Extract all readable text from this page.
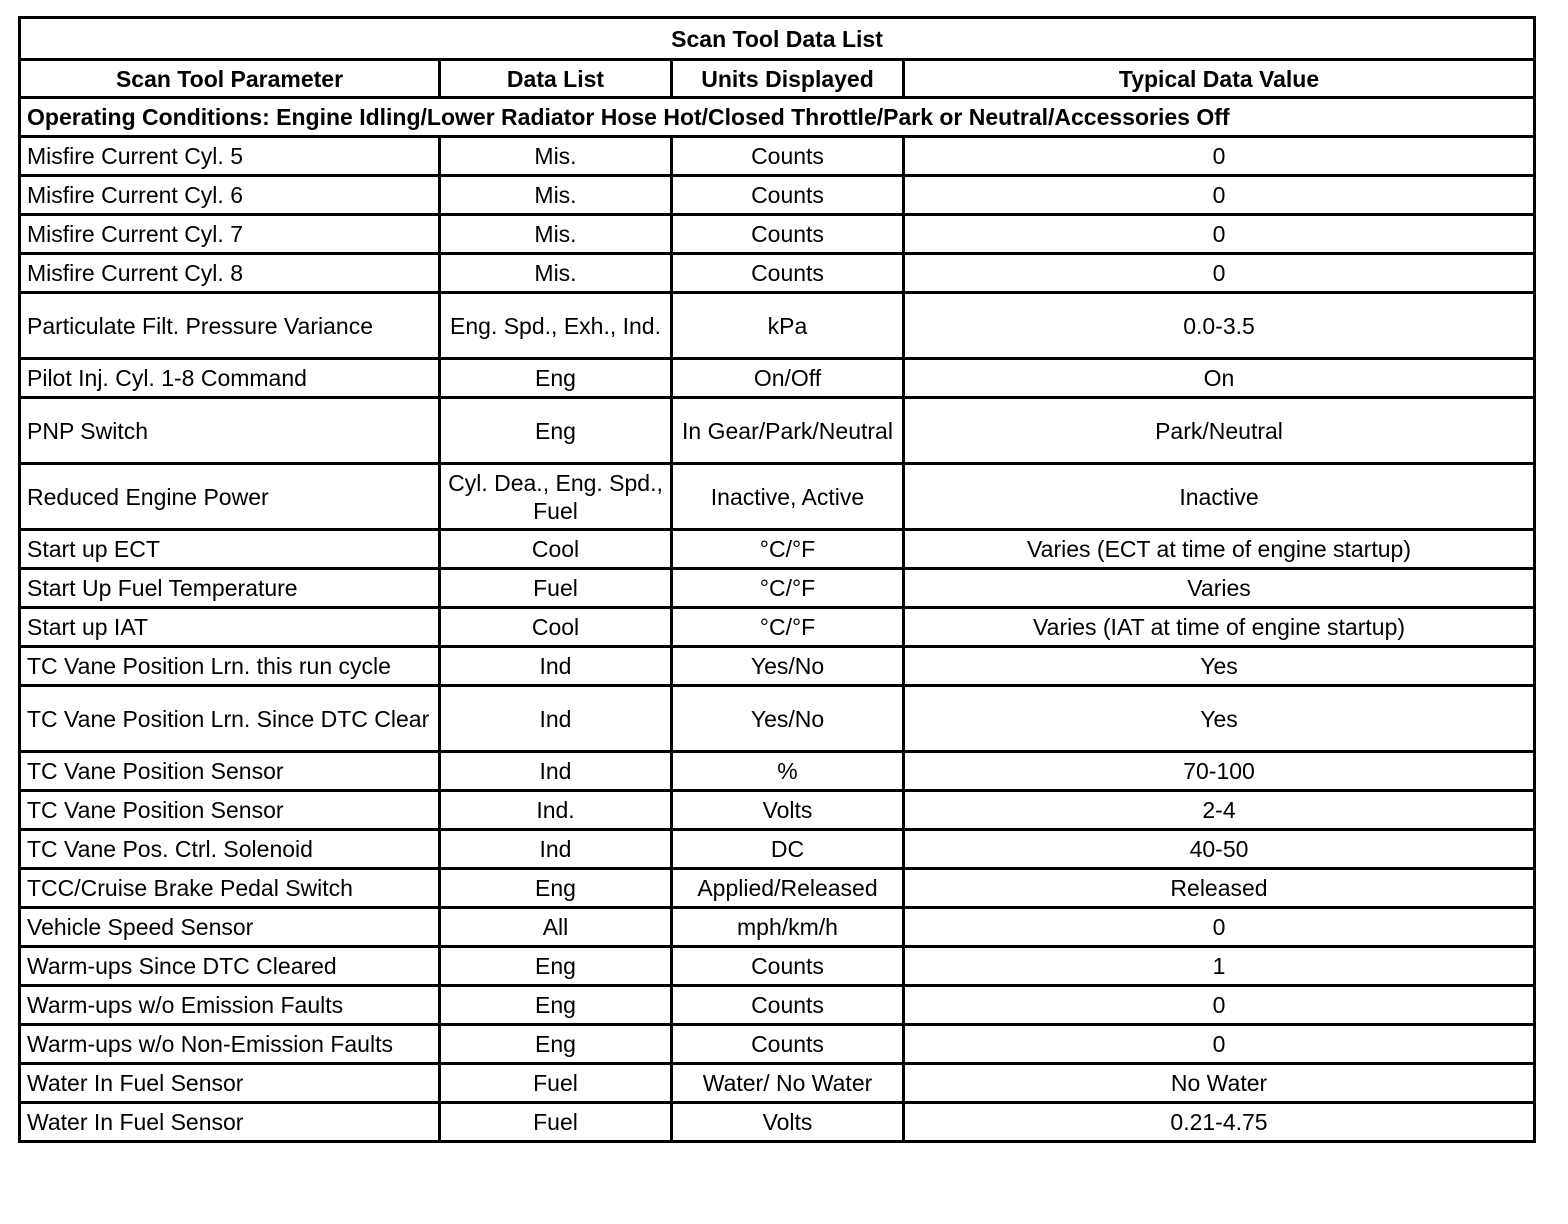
Scan Tool Data List			
Scan Tool Parameter	Data List	Units Displayed	Typical Data Value
Operating Conditions: Engine Idling/Lower Radiator Hose Hot/Closed Throttle/Park or Neutral/Accessories Off			
Misfire Current Cyl. 5	Mis.	Counts	0
Misfire Current Cyl. 6	Mis.	Counts	0
Misfire Current Cyl. 7	Mis.	Counts	0
Misfire Current Cyl. 8	Mis.	Counts	0
Particulate Filt. Pressure Variance	Eng. Spd., Exh., Ind.	kPa	0.0-3.5
Pilot Inj. Cyl. 1-8 Command	Eng	On/Off	On
PNP Switch	Eng	In Gear/Park/Neutral	Park/Neutral
Reduced Engine Power	Cyl. Dea., Eng. Spd., Fuel	Inactive, Active	Inactive
Start up ECT	Cool	°C/°F	Varies (ECT at time of engine startup)
Start Up Fuel Temperature	Fuel	°C/°F	Varies
Start up IAT	Cool	°C/°F	Varies (IAT at time of engine startup)
TC Vane Position Lrn. this run cycle	Ind	Yes/No	Yes
TC Vane Position Lrn. Since DTC Clear	Ind	Yes/No	Yes
TC Vane Position Sensor	Ind	%	70-100
TC Vane Position Sensor	Ind.	Volts	2-4
TC Vane Pos. Ctrl. Solenoid	Ind	DC	40-50
TCC/Cruise Brake Pedal Switch	Eng	Applied/Released	Released
Vehicle Speed Sensor	All	mph/km/h	0
Warm-ups Since DTC Cleared	Eng	Counts	1
Warm-ups w/o Emission Faults	Eng	Counts	0
Warm-ups w/o Non-Emission Faults	Eng	Counts	0
Water In Fuel Sensor	Fuel	Water/ No Water	No Water
Water In Fuel Sensor	Fuel	Volts	0.21-4.75
